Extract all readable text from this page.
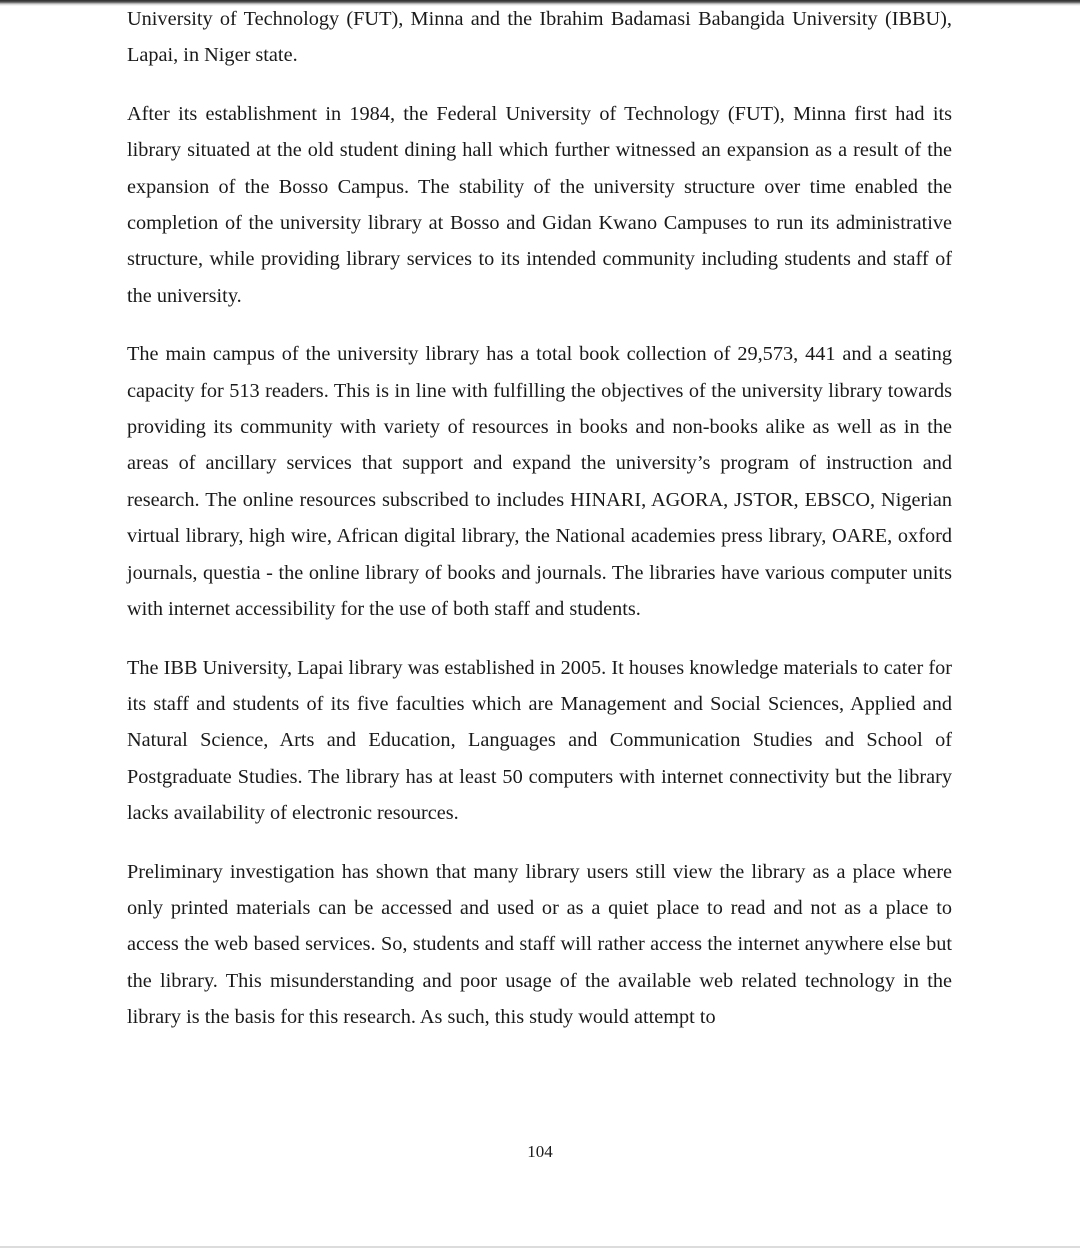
University of Technology (FUT), Minna and the Ibrahim Badamasi Babangida University (IBBU), Lapai, in Niger state.

After its establishment in 1984, the Federal University of Technology (FUT), Minna first had its library situated at the old student dining hall which further witnessed an expansion as a result of the expansion of the Bosso Campus. The stability of the university structure over time enabled the completion of the university library at Bosso and Gidan Kwano Campuses to run its administrative structure, while providing library services to its intended community including students and staff of the university.

The main campus of the university library has a total book collection of 29,573, 441 and a seating capacity for 513 readers. This is in line with fulfilling the objectives of the university library towards providing its community with variety of resources in books and non-books alike as well as in the areas of ancillary services that support and expand the university’s program of instruction and research. The online resources subscribed to includes HINARI, AGORA, JSTOR, EBSCO, Nigerian virtual library, high wire, African digital library, the National academies press library, OARE, oxford journals, questia - the online library of books and journals. The libraries have various computer units with internet accessibility for the use of both staff and students.

The IBB University, Lapai library was established in 2005. It houses knowledge materials to cater for its staff and students of its five faculties which are Management and Social Sciences, Applied and Natural Science, Arts and Education, Languages and Communication Studies and School of Postgraduate Studies. The library has at least 50 computers with internet connectivity but the library lacks availability of electronic resources.

Preliminary investigation has shown that many library users still view the library as a place where only printed materials can be accessed and used or as a quiet place to read and not as a place to access the web based services. So, students and staff will rather access the internet anywhere else but the library. This misunderstanding and poor usage of the available web related technology in the library is the basis for this research. As such, this study would attempt to

104
